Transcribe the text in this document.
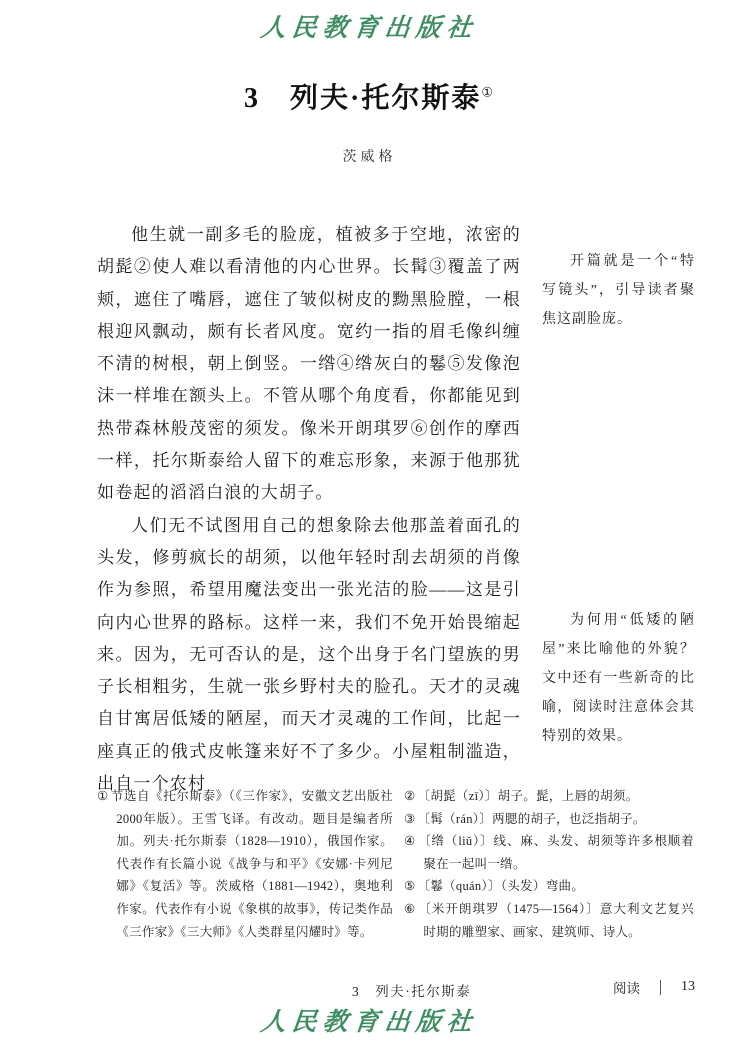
人民教育出版社
3　列夫·托尔斯泰①
茨威格

他生就一副多毛的脸庞，植被多于空地，浓密的胡髭②使人难以看清他的内心世界。长髯③覆盖了两颊，遮住了嘴唇，遮住了皱似树皮的黝黑脸膛，一根根迎风飘动，颇有长者风度。宽约一指的眉毛像纠缠不清的树根，朝上倒竖。一绺④绺灰白的鬈⑤发像泡沫一样堆在额头上。不管从哪个角度看，你都能见到热带森林般茂密的须发。像米开朗琪罗⑥创作的摩西一样，托尔斯泰给人留下的难忘形象，来源于他那犹如卷起的滔滔白浪的大胡子。

人们无不试图用自己的想象除去他那盖着面孔的头发，修剪疯长的胡须，以他年轻时刮去胡须的肖像作为参照，希望用魔法变出一张光洁的脸——这是引向内心世界的路标。这样一来，我们不免开始畏缩起来。因为，无可否认的是，这个出身于名门望族的男子长相粗劣，生就一张乡野村夫的脸孔。天才的灵魂自甘寓居低矮的陋屋，而天才灵魂的工作间，比起一座真正的俄式皮帐篷来好不了多少。小屋粗制滥造，出自一个农村

开篇就是一个“特写镜头”，引导读者聚焦这副脸庞。
为何用“低矮的陋屋”来比喻他的外貌？文中还有一些新奇的比喻，阅读时注意体会其特别的效果。

① 节选自《托尔斯泰》（《三作家》，安徽文艺出版社2000年版）。王雪飞译。有改动。题目是编者所加。列夫·托尔斯泰（1828—1910），俄国作家。代表作有长篇小说《战争与和平》《安娜·卡列尼娜》《复活》等。茨威格（1881—1942），奥地利作家。代表作有小说《象棋的故事》，传记类作品《三作家》《三大师》《人类群星闪耀时》等。

② 〔胡髭（zī）〕胡子。髭，上唇的胡须。

③ 〔髯（rán）〕两腮的胡子，也泛指胡子。

④ 〔绺（liǔ）〕线、麻、头发、胡须等许多根顺着聚在一起叫一绺。

⑤ 〔鬈（quán）〕（头发）弯曲。

⑥ 〔米开朗琪罗（1475—1564）〕意大利文艺复兴时期的雕塑家、画家、建筑师、诗人。

3　列夫·托尔斯泰	阅读	13
人民教育出版社
